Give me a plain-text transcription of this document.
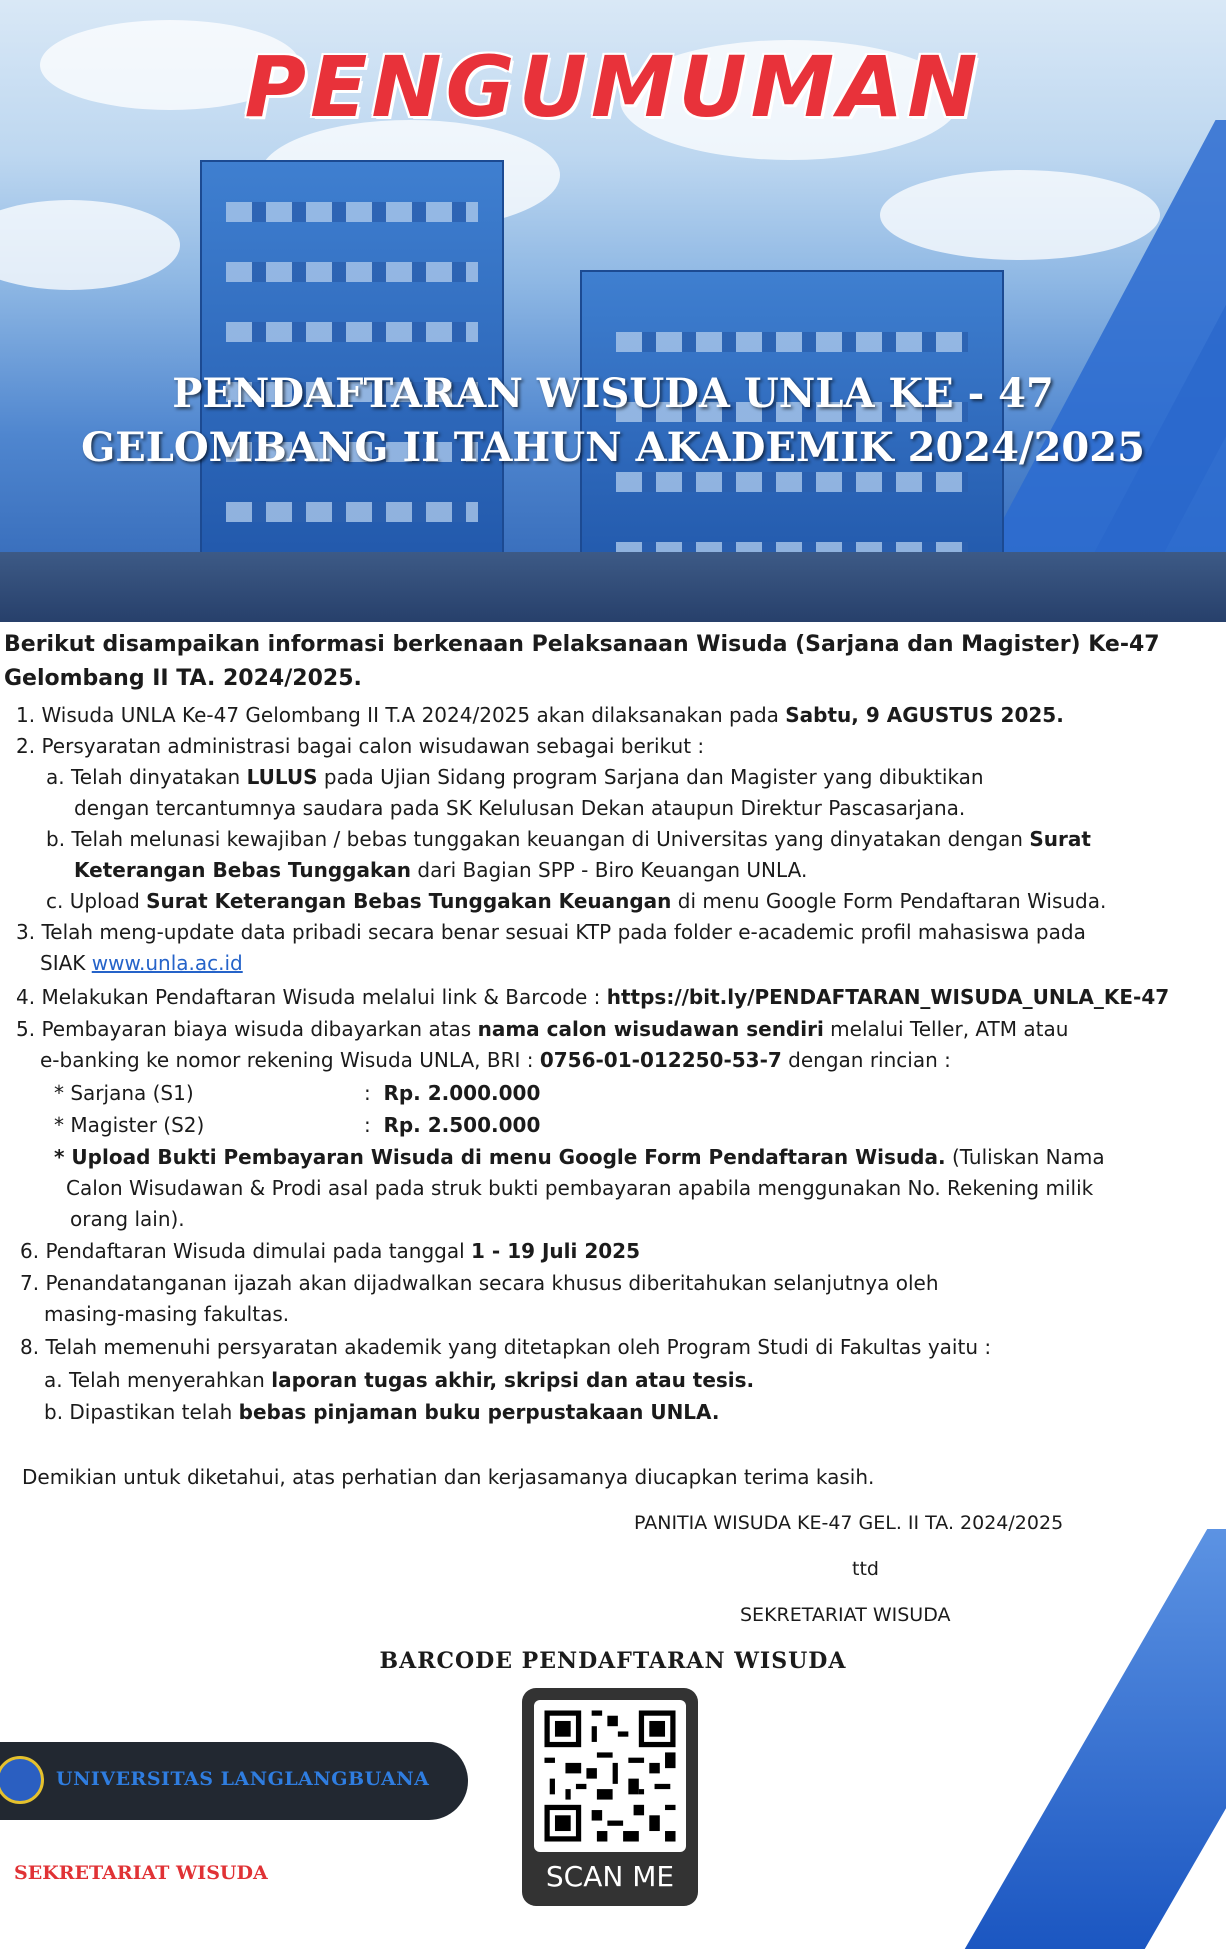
PENGUMUMAN
PENDAFTARAN WISUDA UNLA KE - 47
GELOMBANG II TAHUN AKADEMIK 2024/2025
Berikut disampaikan informasi berkenaan Pelaksanaan Wisuda (Sarjana dan Magister) Ke-47 Gelombang II TA. 2024/2025.
1. Wisuda UNLA Ke-47 Gelombang II T.A 2024/2025 akan dilaksanakan pada Sabtu, 9 AGUSTUS 2025.
2. Persyaratan administrasi bagai calon wisudawan sebagai berikut :
a. Telah dinyatakan LULUS pada Ujian Sidang program Sarjana dan Magister yang dibuktikan
dengan tercantumnya saudara pada SK Kelulusan Dekan ataupun Direktur Pascasarjana.
b. Telah melunasi kewajiban / bebas tunggakan keuangan di Universitas yang dinyatakan dengan Surat
Keterangan Bebas Tunggakan dari Bagian SPP - Biro Keuangan UNLA.
c. Upload Surat Keterangan Bebas Tunggakan Keuangan di menu Google Form Pendaftaran Wisuda.
3. Telah meng-update data pribadi secara benar sesuai KTP pada folder e-academic profil mahasiswa pada
SIAK www.unla.ac.id
4. Melakukan Pendaftaran Wisuda melalui link & Barcode : https://bit.ly/PENDAFTARAN_WISUDA_UNLA_KE-47
5. Pembayaran biaya wisuda dibayarkan atas nama calon wisudawan sendiri melalui Teller, ATM atau
e-banking ke nomor rekening Wisuda UNLA, BRI : 0756-01-012250-53-7 dengan rincian :
* Sarjana (S1)	: Rp. 2.000.000
* Magister (S2)	: Rp. 2.500.000
* Upload Bukti Pembayaran Wisuda di menu Google Form Pendaftaran Wisuda. (Tuliskan Nama
Calon Wisudawan & Prodi asal pada struk bukti pembayaran apabila menggunakan No. Rekening milik
orang lain).
6. Pendaftaran Wisuda dimulai pada tanggal 1 - 19 Juli 2025
7. Penandatanganan ijazah akan dijadwalkan secara khusus diberitahukan selanjutnya oleh
masing-masing fakultas.
8. Telah memenuhi persyaratan akademik yang ditetapkan oleh Program Studi di Fakultas yaitu :
a. Telah menyerahkan laporan tugas akhir, skripsi dan atau tesis.
b. Dipastikan telah bebas pinjaman buku perpustakaan UNLA.
Demikian untuk diketahui, atas perhatian dan kerjasamanya diucapkan terima kasih.
PANITIA WISUDA KE-47 GEL. II TA. 2024/2025
ttd
SEKRETARIAT WISUDA
BARCODE PENDAFTARAN WISUDA
SCAN ME
UNIVERSITAS LANGLANGBUANA
SEKRETARIAT WISUDA
